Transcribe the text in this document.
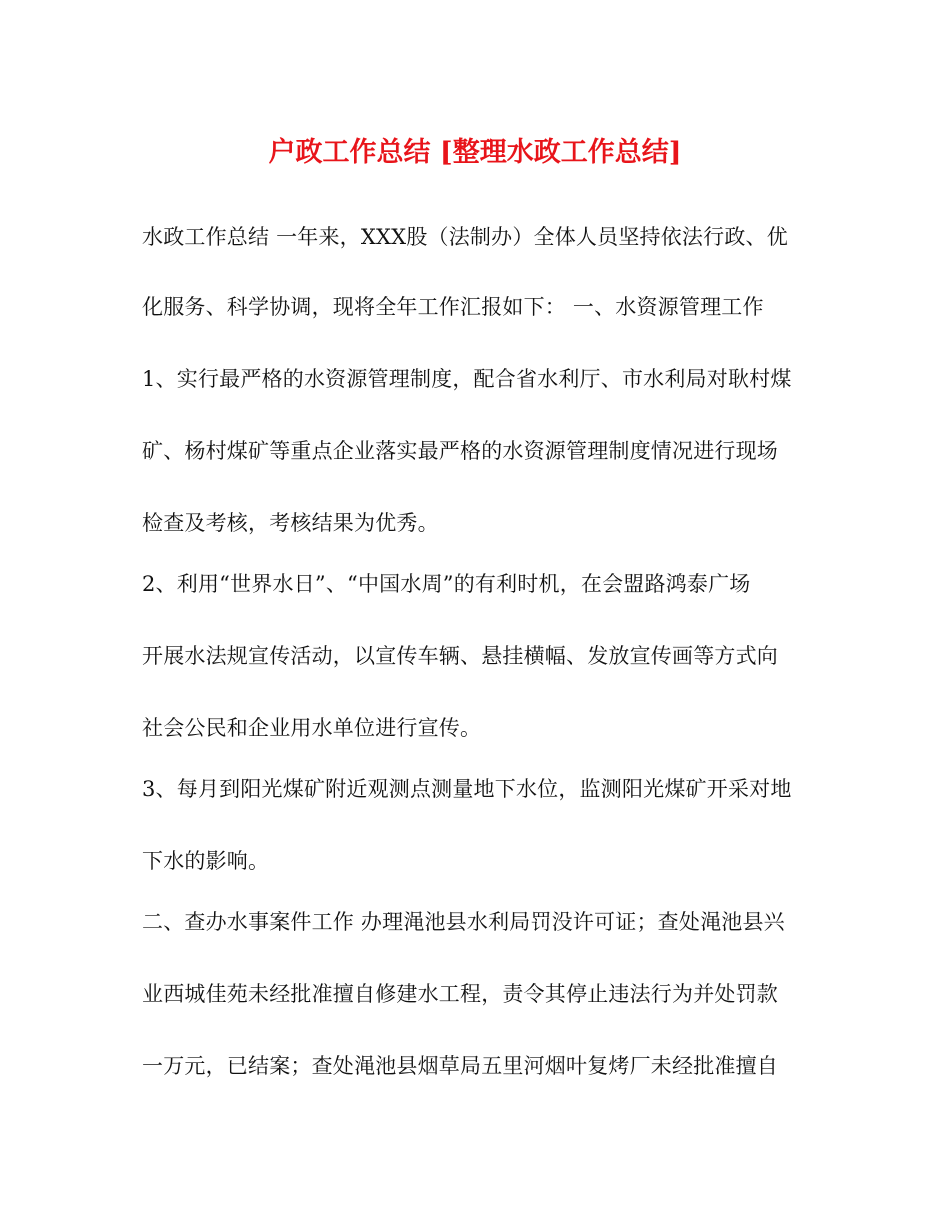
户政工作总结 [整理水政工作总结]
水政工作总结 一年来，XXX股（法制办）全体人员坚持依法行政、优
化服务、科学协调，现将全年工作汇报如下： 一、水资源管理工作
1、实行最严格的水资源管理制度，配合省水利厅、市水利局对耿村煤
矿、杨村煤矿等重点企业落实最严格的水资源管理制度情况进行现场
检查及考核，考核结果为优秀。
2、利用“世界水日”、“中国水周”的有利时机，在会盟路鸿泰广场
开展水法规宣传活动，以宣传车辆、悬挂横幅、发放宣传画等方式向
社会公民和企业用水单位进行宣传。
3、每月到阳光煤矿附近观测点测量地下水位，监测阳光煤矿开采对地
下水的影响。
二、查办水事案件工作 办理渑池县水利局罚没许可证；查处渑池县兴
业西城佳苑未经批准擅自修建水工程，责令其停止违法行为并处罚款
一万元，已结案；查处渑池县烟草局五里河烟叶复烤厂未经批准擅自
